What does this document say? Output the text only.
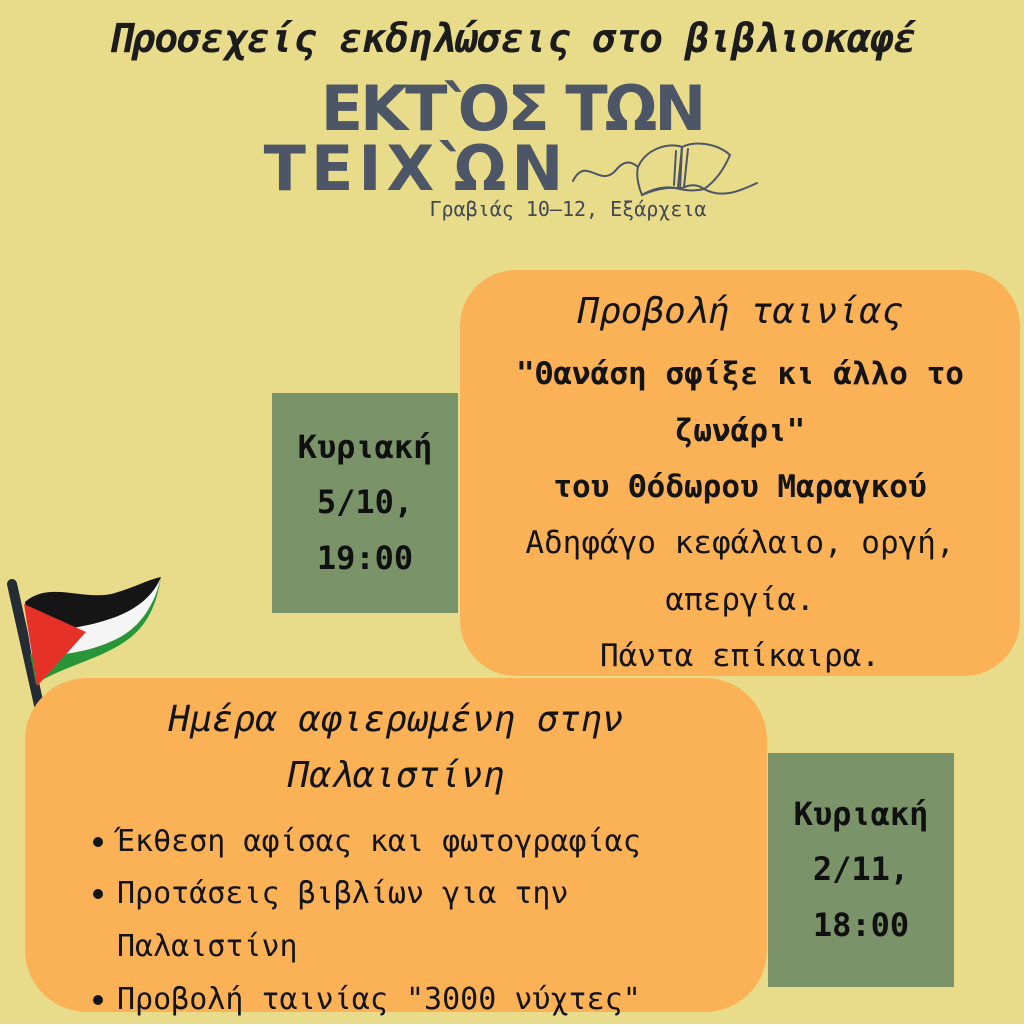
Προσεχείς εκδηλώσεις στο βιβλιοκαφέ
ΕΚΤῸΣ ΤΩΝ
ΤΕΙΧῺΝ
Γραβιάς 10–12, Εξάρχεια
Προβολή ταινίας
"Θανάση σφίξε κι άλλο το ζωνάρι"
του Θόδωρου Μαραγκού
Αδηφάγο κεφάλαιο, οργή, απεργία.
Πάντα επίκαιρα.
Κυριακή
5/10,
19:00
Ημέρα αφιερωμένη στην
Παλαιστίνη
Έκθεση αφίσας και φωτογραφίας
Προτάσεις βιβλίων για την Παλαιστίνη
Προβολή ταινίας "3000 νύχτες"
Κυριακή
2/11,
18:00
